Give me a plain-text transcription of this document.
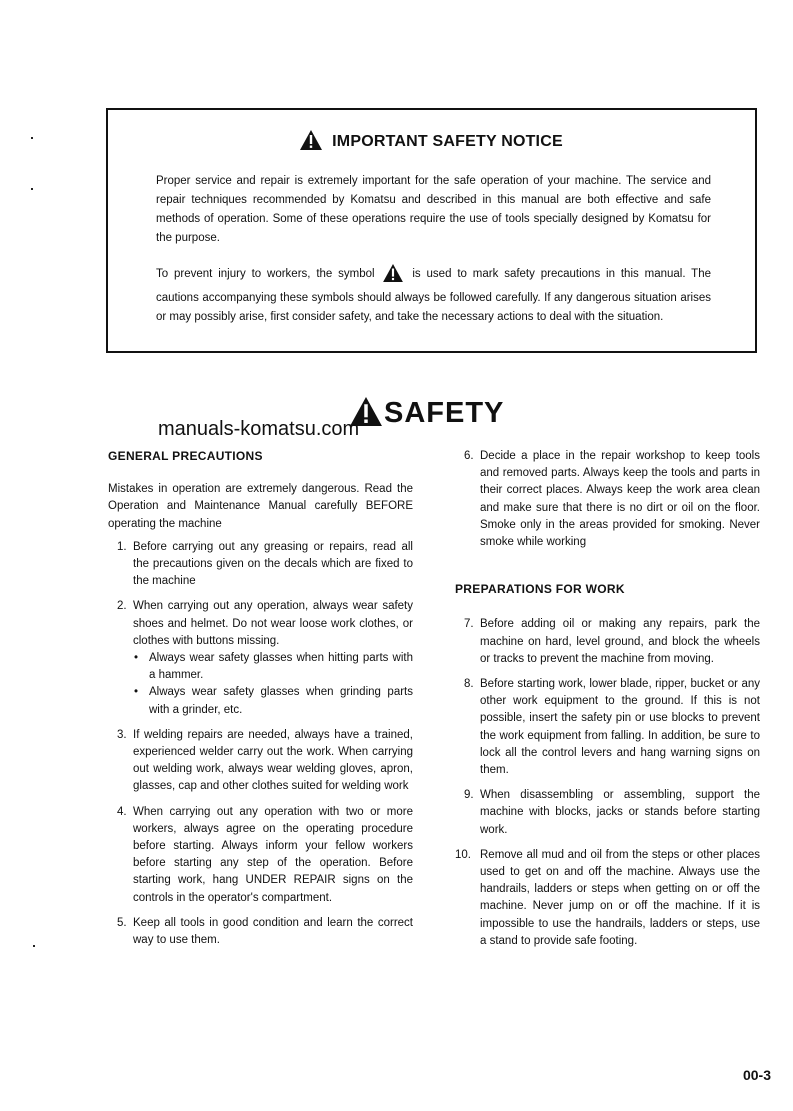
IMPORTANT SAFETY NOTICE

Proper service and repair is extremely important for the safe operation of your machine. The service and repair techniques recommended by Komatsu and described in this manual are both effective and safe methods of operation. Some of these operations require the use of tools specially designed by Komatsu for the purpose.

To prevent injury to workers, the symbol	is used to mark safety precautions in this manual. The cautions accompanying these symbols should always be followed carefully. If any dangerous situation arises or may possibly arise, first consider safety, and take the necessary actions to deal with the situation.

SAFETY
manuals-komatsu.com
GENERAL PRECAUTIONS

Mistakes in operation are extremely dangerous. Read the Operation and Maintenance Manual carefully BEFORE operating the machine

1. Before carrying out any greasing or repairs, read all the precautions given on the decals which are fixed to the machine
2. When carrying out any operation, always wear safety shoes and helmet. Do not wear loose work clothes, or clothes with buttons missing.
• Always wear safety glasses when hitting parts with a hammer.
• Always wear safety glasses when grinding parts with a grinder, etc.
3. If welding repairs are needed, always have a trained, experienced welder carry out the work. When carrying out welding work, always wear welding gloves, apron, glasses, cap and other clothes suited for welding work
4. When carrying out any operation with two or more workers, always agree on the operating procedure before starting. Always inform your fellow workers before starting any step of the operation. Before starting work, hang UNDER REPAIR signs on the controls in the operator's compartment.
5. Keep all tools in good condition and learn the correct way to use them.
6. Decide a place in the repair workshop to keep tools and removed parts. Always keep the tools and parts in their correct places. Always keep the work area clean and make sure that there is no dirt or oil on the floor. Smoke only in the areas provided for smoking. Never smoke while working
PREPARATIONS FOR WORK
7. Before adding oil or making any repairs, park the machine on hard, level ground, and block the wheels or tracks to prevent the machine from moving.
8. Before starting work, lower blade, ripper, bucket or any other work equipment to the ground. If this is not possible, insert the safety pin or use blocks to prevent the work equipment from falling. In addition, be sure to lock all the control levers and hang warning signs on them.
9. When disassembling or assembling, support the machine with blocks, jacks or stands before starting work.
10. Remove all mud and oil from the steps or other places used to get on and off the machine. Always use the handrails, ladders or steps when getting on or off the machine. Never jump on or off the machine. If it is impossible to use the handrails, ladders or steps, use a stand to provide safe footing.
00-3
